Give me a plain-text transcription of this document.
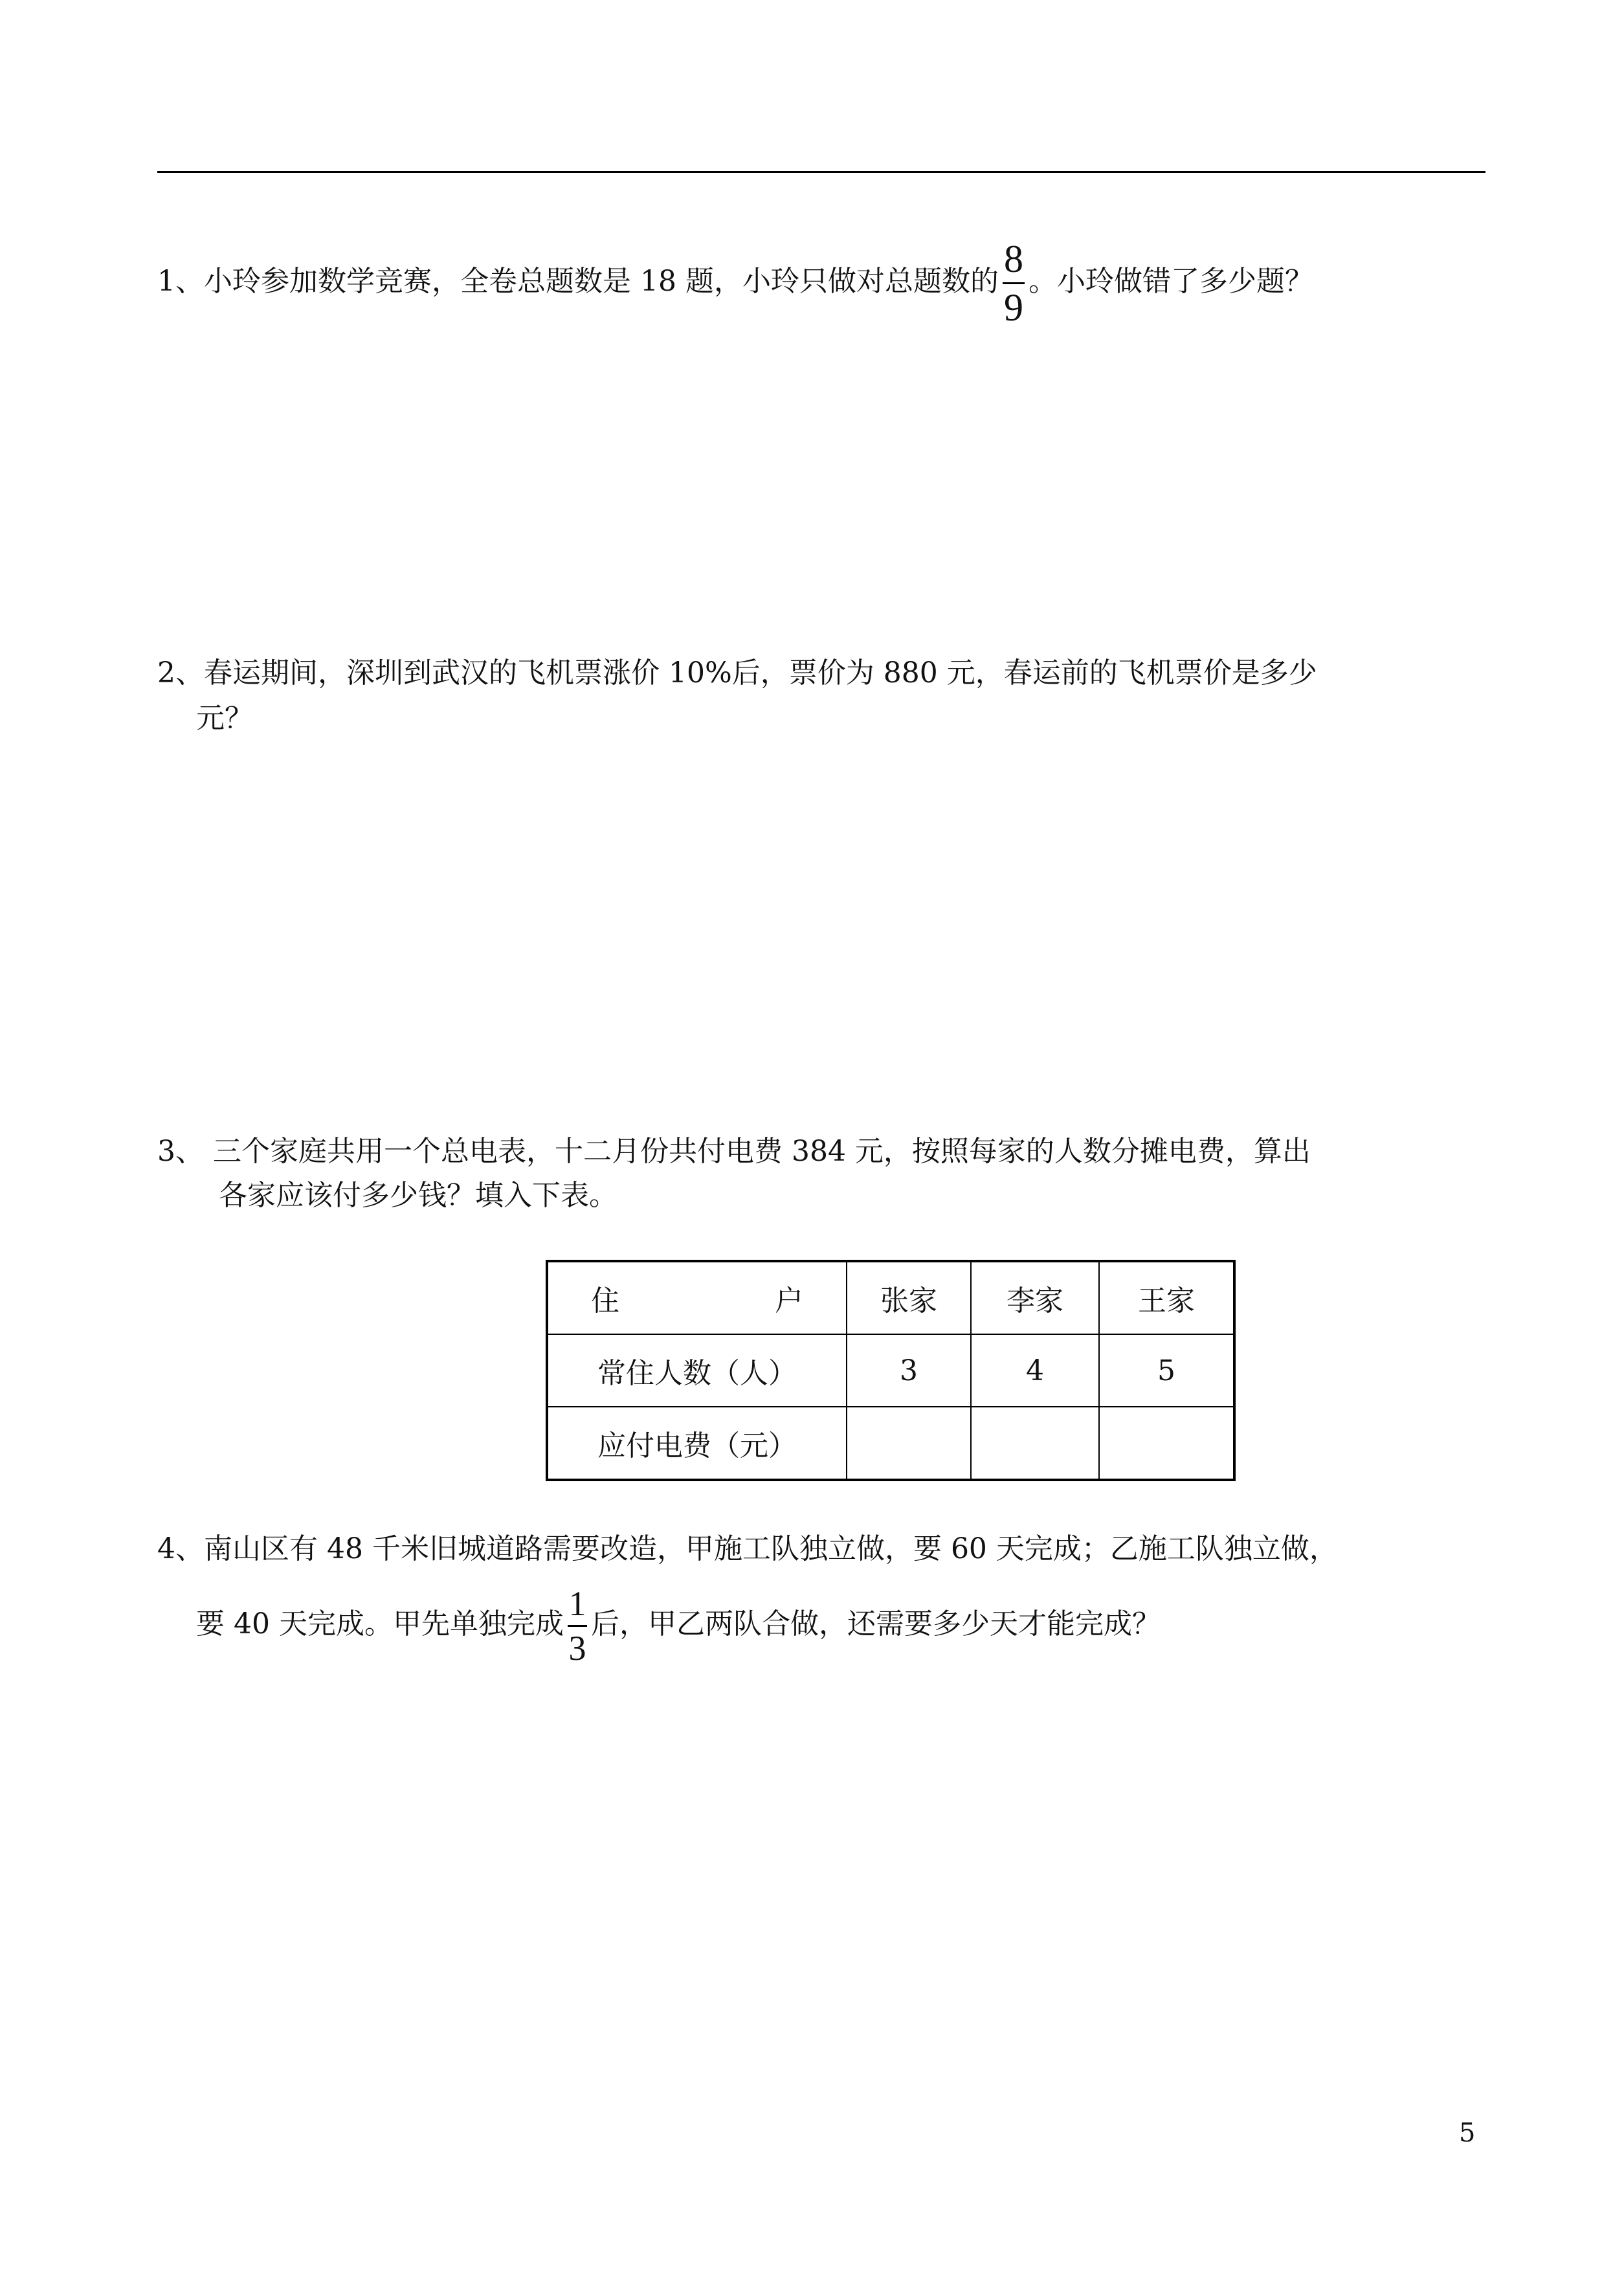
1、小玲参加数学竞赛，全卷总题数是 18 题，小玲只做对总题数的 $\frac{8}{9}$ 。小玲做错了多少题？
2、春运期间，深圳到武汉的飞机票涨价 10%后，票价为 880 元，春运前的飞机票价是多少
元？
3、 三个家庭共用一个总电表，十二月份共付电费 384 元，按照每家的人数分摊电费，算出
各家应该付多少钱？填入下表。
住 户	张家	李家	王家
常住人数（人）	3	4	5
应付电费（元）			
4、南山区有 48 千米旧城道路需要改造，甲施工队独立做，要 60 天完成；乙施工队独立做，
要 40 天完成。甲先单独完成 $\frac{1}{3}$ 后，甲乙两队合做，还需要多少天才能完成？
5
